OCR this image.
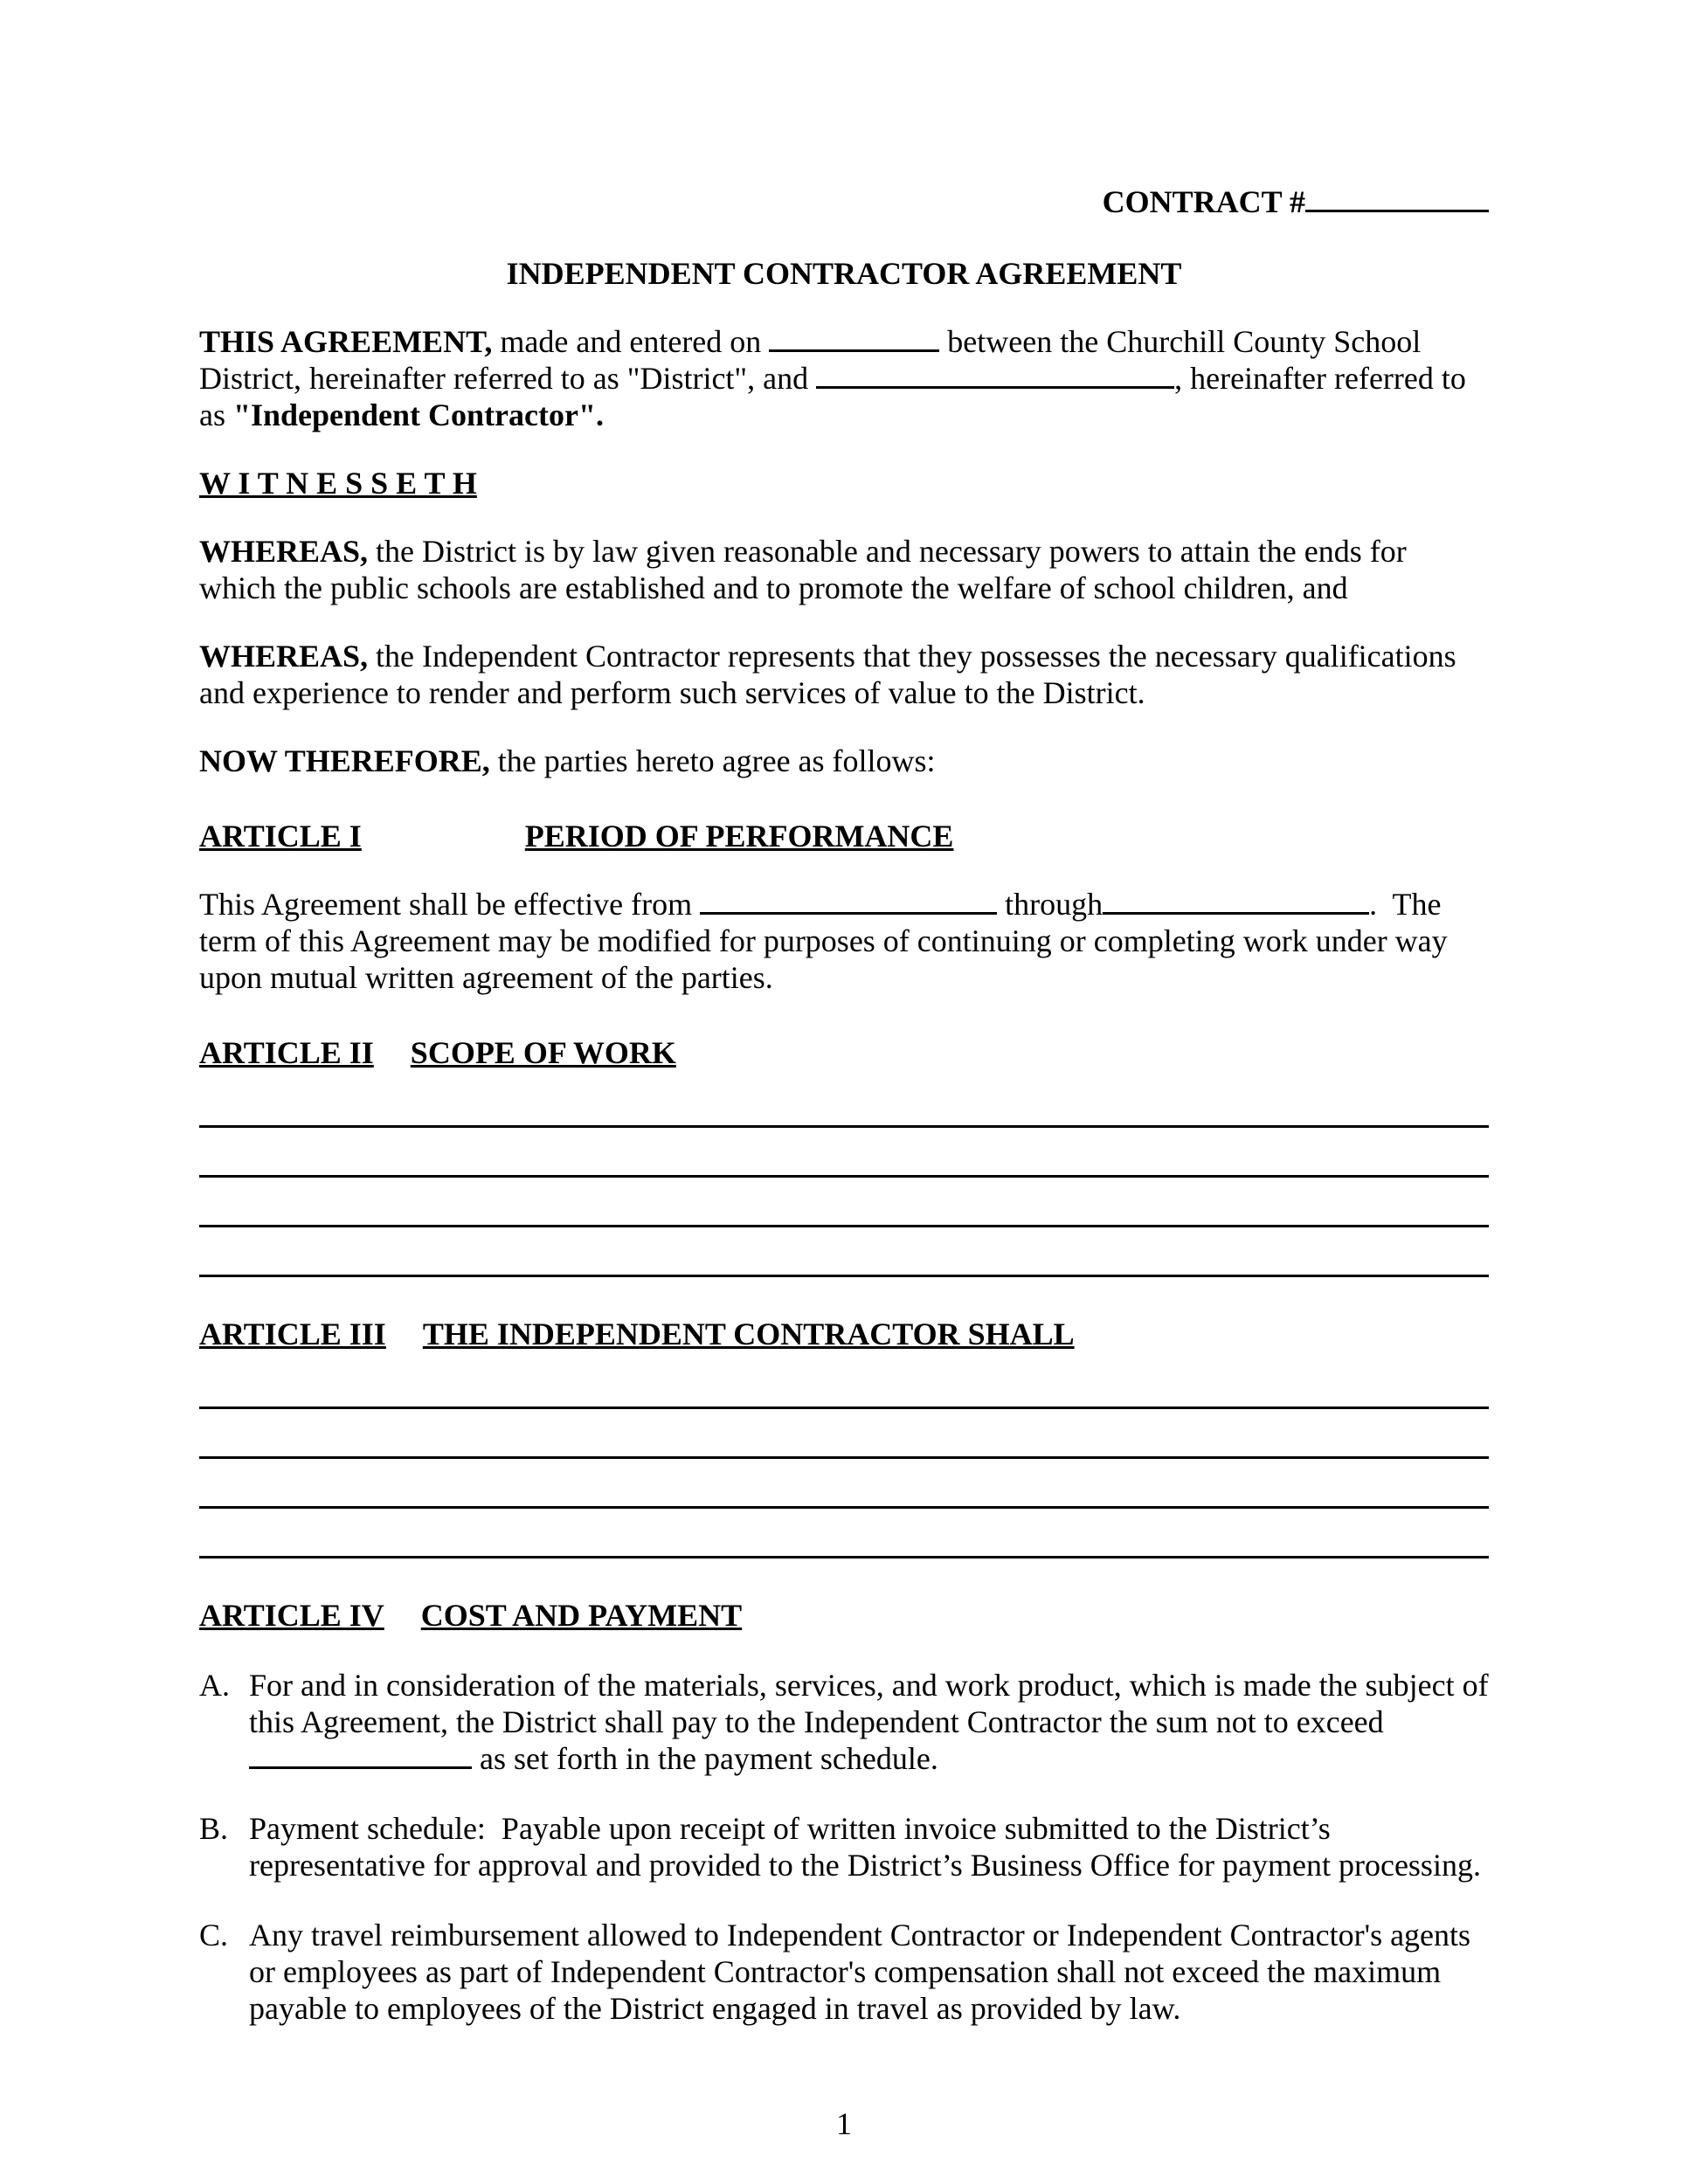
CONTRACT #
INDEPENDENT CONTRACTOR AGREEMENT

THIS AGREEMENT, made and entered on	between the Churchill County School District, hereinafter referred to as "District", and	, hereinafter referred to as "Independent Contractor".

W I T N E S S E T H

WHEREAS, the District is by law given reasonable and necessary powers to attain the ends for which the public schools are established and to promote the welfare of school children, and

WHEREAS, the Independent Contractor represents that they possesses the necessary qualifications and experience to render and perform such services of value to the District.

NOW THEREFORE, the parties hereto agree as follows:

ARTICLE I	PERIOD OF PERFORMANCE

This Agreement shall be effective from	through	.  The term of this Agreement may be modified for purposes of continuing or completing work under way upon mutual written agreement of the parties.

ARTICLE II SCOPE OF WORK
ARTICLE III THE INDEPENDENT CONTRACTOR SHALL
ARTICLE IV COST AND PAYMENT
A. For and in consideration of the materials, services, and work product, which is made the subject of this Agreement, the District shall pay to the Independent Contractor the sum not to exceed  as set forth in the payment schedule.
B. Payment schedule:  Payable upon receipt of written invoice submitted to the District’s representative for approval and provided to the District’s Business Office for payment processing.
C. Any travel reimbursement allowed to Independent Contractor or Independent Contractor's agents or employees as part of Independent Contractor's compensation shall not exceed the maximum payable to employees of the District engaged in travel as provided by law.
1
